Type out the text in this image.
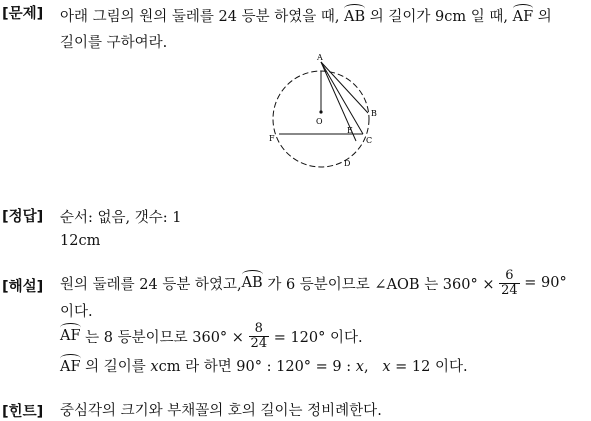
[문제] 아래 그림의 원의 둘레를 24 등분 하였을 때, AB 의 길이가 9cm 일 때, AF 의
길이를 구하여라.
A
B
C
D
E
F
O
[정답] 순서: 없음, 갯수: 1
12cm
[해설] 원의 둘레를 24 등분 하였고, AB 가 6 등분이므로 ∠AOB 는 $360^\circ \times \frac{6}{24} = 90^\circ$
이다.
AF 는 8 등분이므로 $360^\circ \times \frac{8}{24} = 120^\circ$ 이다.
AF 의 길이를 xcm 라 하면 90° : 120° = 9 : x,   x = 12 이다.
[힌트] 중심각의 크기와 부채꼴의 호의 길이는 정비례한다.
